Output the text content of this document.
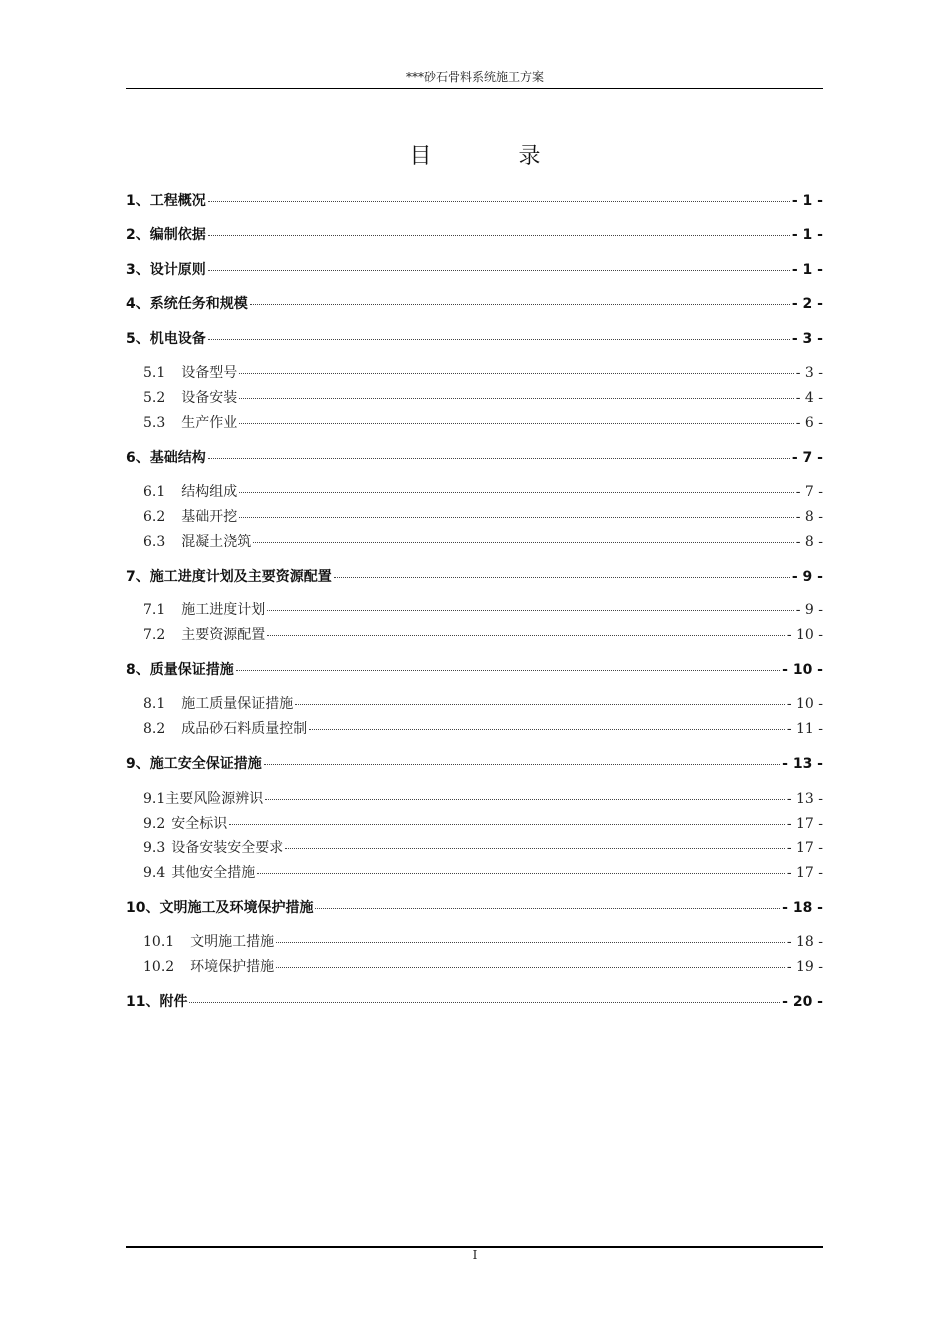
***砂石骨料系统施工方案
目 录
1、工程概况	- 1 -
2、编制依据	- 1 -
3、设计原则	- 1 -
4、系统任务和规模	- 2 -
5、机电设备	- 3 -
5.1 设备型号	- 3 -
5.2 设备安装	- 4 -
5.3 生产作业	- 6 -
6、基础结构	- 7 -
6.1 结构组成	- 7 -
6.2 基础开挖	- 8 -
6.3 混凝土浇筑	- 8 -
7、施工进度计划及主要资源配置	- 9 -
7.1 施工进度计划	- 9 -
7.2 主要资源配置	- 10 -
8、质量保证措施	- 10 -
8.1 施工质量保证措施	- 10 -
8.2 成品砂石料质量控制	- 11 -
9、施工安全保证措施	- 13 -
9.1主要风险源辨识	- 13 -
9.2 安全标识	- 17 -
9.3 设备安装安全要求	- 17 -
9.4 其他安全措施	- 17 -
10、文明施工及环境保护措施	- 18 -
10.1 文明施工措施	- 18 -
10.2 环境保护措施	- 19 -
11、附件	- 20 -
I
